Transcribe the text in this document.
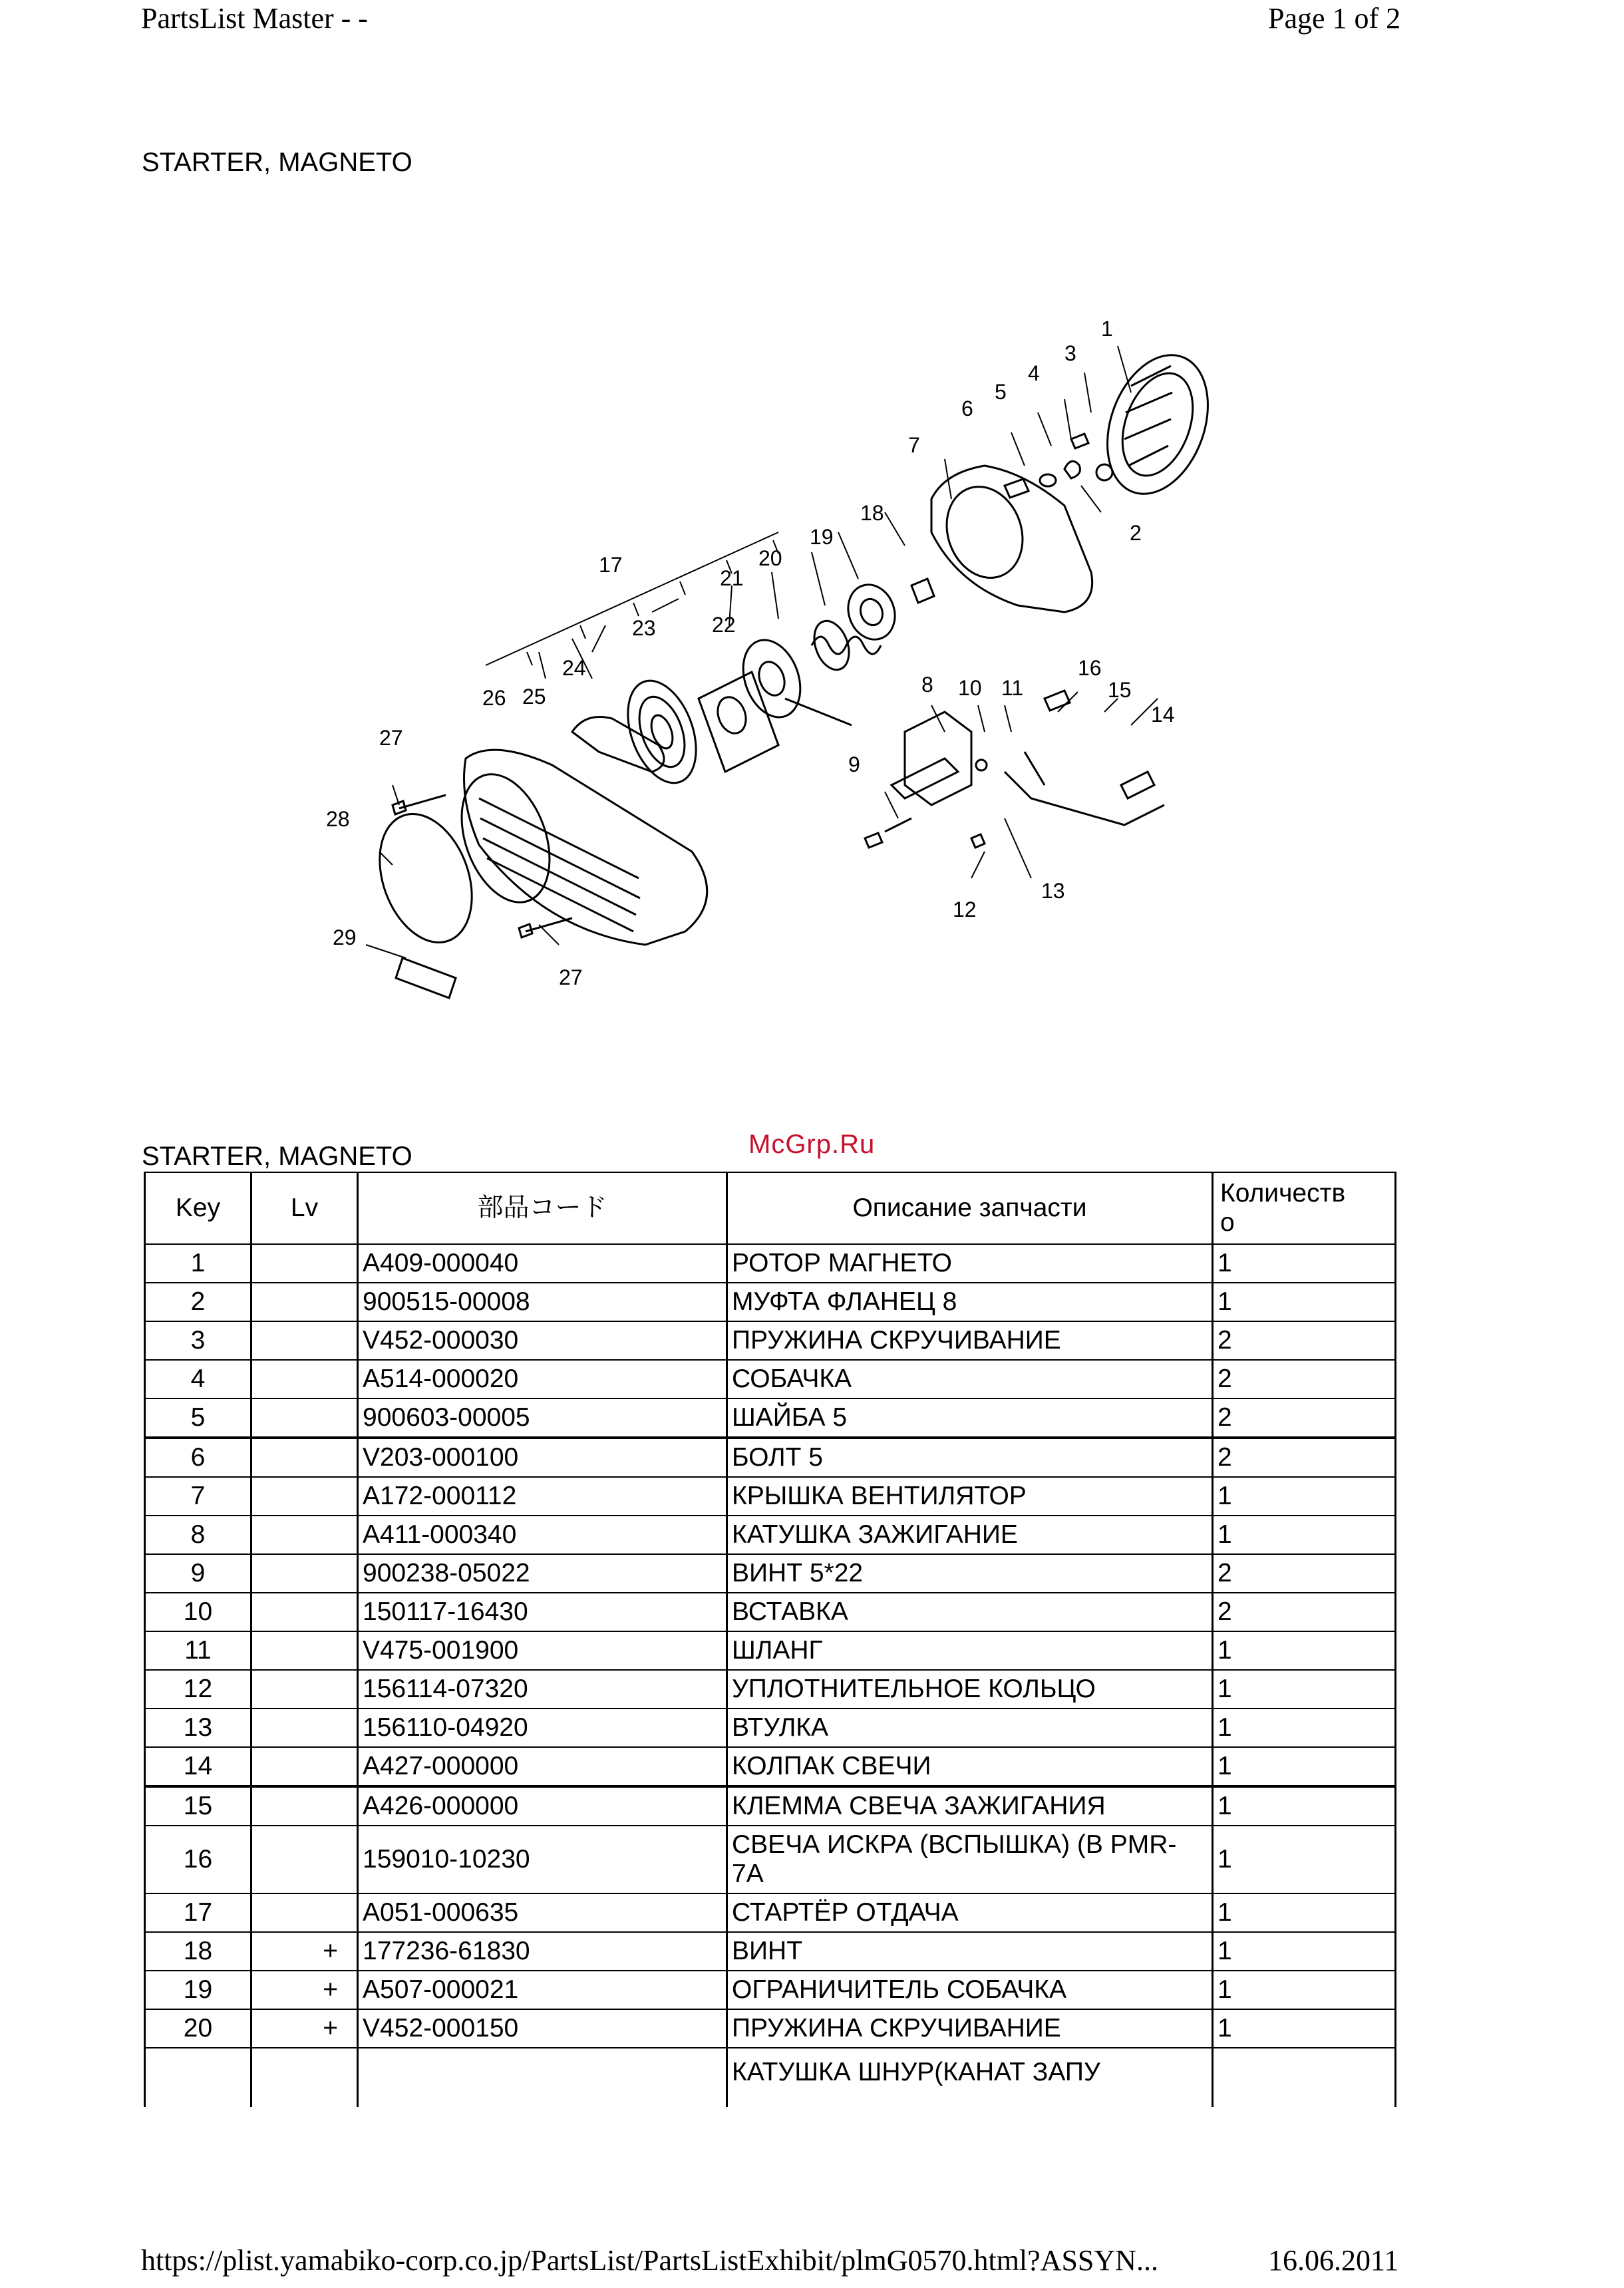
PartsList Master - -	Page 1 of 2
STARTER, MAGNETO
1
2
3
4
5
6
7
8
9
10 11
12
13
14
15
16
17
18
19
20
21
22
23
24
25
26
27
27
28
29
McGrp.Ru
STARTER, MAGNETO
Key	Lv	部品コード	Описание запчасти	Количеств
о
1		A409-000040	РОТОР МАГНЕТО	1
2		900515-00008	МУФТА ФЛАНЕЦ 8	1
3		V452-000030	ПРУЖИНА СКРУЧИВАНИЕ	2
4		A514-000020	СОБАЧКА	2
5		900603-00005	ШАЙБА 5	2
6		V203-000100	БОЛТ 5	2
7		A172-000112	КРЫШКА ВЕНТИЛЯТОР	1
8		A411-000340	КАТУШКА ЗАЖИГАНИЕ	1
9		900238-05022	ВИНТ 5*22	2
10		150117-16430	ВСТАВКА	2
11		V475-001900	ШЛАНГ	1
12		156114-07320	УПЛОТНИТЕЛЬНОЕ КОЛЬЦО	1
13		156110-04920	ВТУЛКА	1
14		A427-000000	КОЛПАК СВЕЧИ	1
15		A426-000000	КЛЕММА СВЕЧА ЗАЖИГАНИЯ	1
16		159010-10230	СВЕЧА ИСКРА (ВСПЫШКА) (В PMR-7A	1
17		A051-000635	СТАРТЁР ОТДАЧА	1
18	+	177236-61830	ВИНТ	1
19	+	A507-000021	ОГРАНИЧИТЕЛЬ СОБАЧКА	1
20	+	V452-000150	ПРУЖИНА СКРУЧИВАНИЕ	1
			КАТУШКА ШНУР(КАНАТ ЗАПУ	
https://plist.yamabiko-corp.co.jp/PartsList/PartsListExhibit/plmG0570.html?ASSYN...	16.06.2011
